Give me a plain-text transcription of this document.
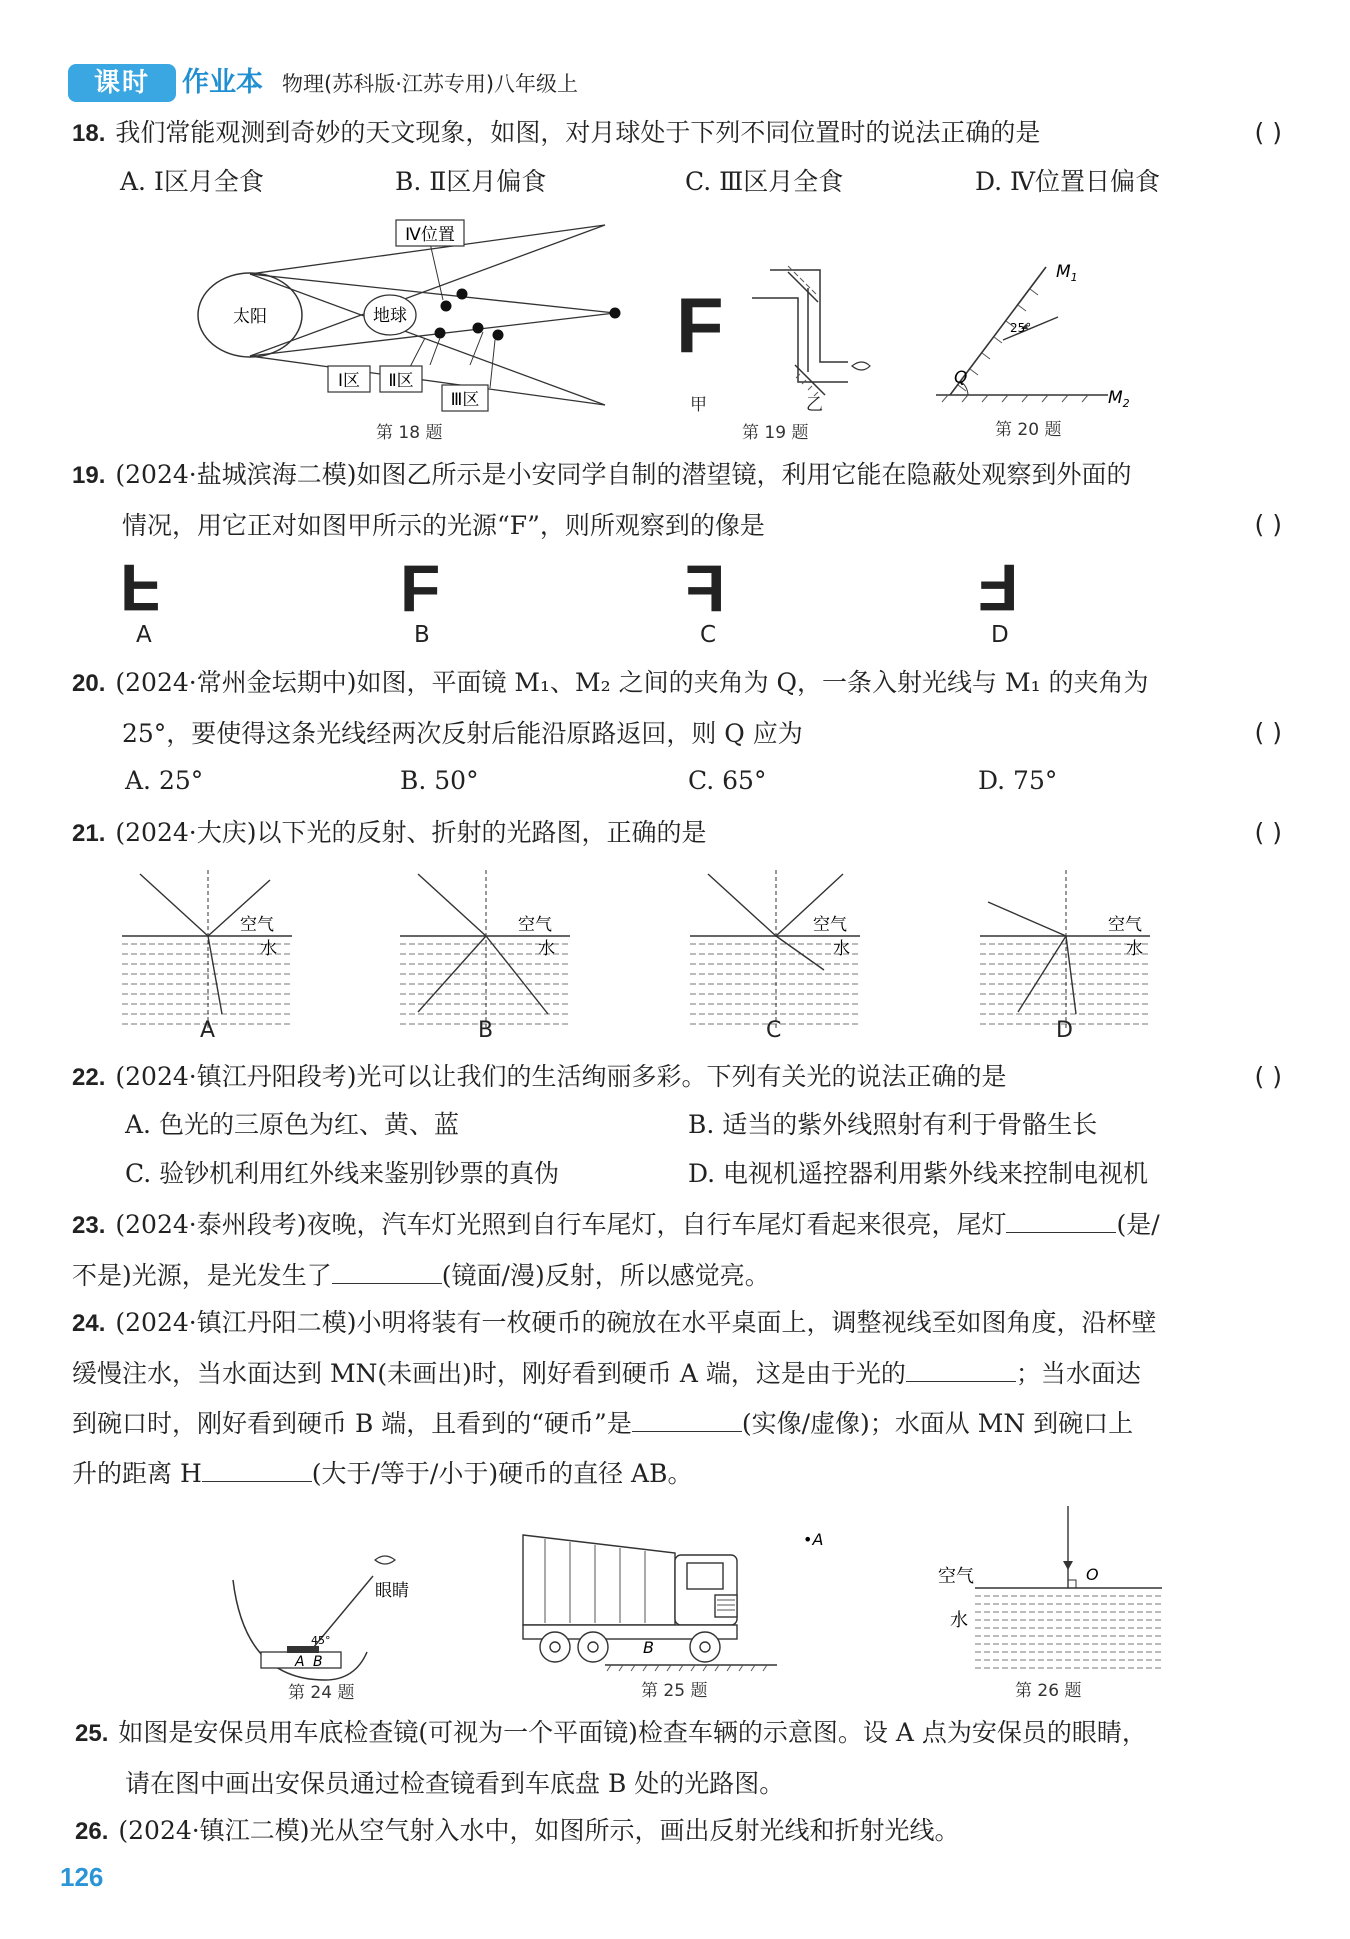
课时	作业本 物理(苏科版·江苏专用)八年级上
18. 我们常能观测到奇妙的天文现象，如图，对月球处于下列不同位置时的说法正确的是	( )
A. Ⅰ区月全食	B. Ⅱ区月偏食	C. Ⅲ区月全食	D. Ⅳ位置日偏食
太阳	地球
Ⅳ位置
Ⅰ区 Ⅱ区
Ⅲ区
第 18 题
F
甲	乙
第 19 题
$M_1$
$M_2$
25°
Q
第 20 题
19. (2024·盐城滨海二模)如图乙所示是小安同学自制的潜望镜，利用它能在隐蔽处观察到外面的
情况，用它正对如图甲所示的光源“F”，则所观察到的像是	( )
F	F	F	F
A	B	C	D
20. (2024·常州金坛期中)如图，平面镜 M₁、M₂ 之间的夹角为 Q，一条入射光线与 M₁ 的夹角为
25°，要使得这条光线经两次反射后能沿原路返回，则 Q 应为	( )
A. 25°	B. 50°	C. 65°	D. 75°
21. (2024·大庆)以下光的反射、折射的光路图，正确的是	( )
空气
水
A
空气
水
B
空气
水
C
空气
水
D
22. (2024·镇江丹阳段考)光可以让我们的生活绚丽多彩。下列有关光的说法正确的是	( )
A. 色光的三原色为红、黄、蓝	B. 适当的紫外线照射有利于骨骼生长
C. 验钞机利用红外线来鉴别钞票的真伪	D. 电视机遥控器利用紫外线来控制电视机
23. (2024·泰州段考)夜晚，汽车灯光照到自行车尾灯，自行车尾灯看起来很亮，尾灯	(是/
不是)光源，是光发生了	(镜面/漫)反射，所以感觉亮。
24. (2024·镇江丹阳二模)小明将装有一枚硬币的碗放在水平桌面上，调整视线至如图角度，沿杯壁
缓慢注水，当水面达到 MN(未画出)时，刚好看到硬币 A 端，这是由于光的	；当水面达
到碗口时，刚好看到硬币 B 端，且看到的“硬币”是	(实像/虚像)；水面从 MN 到碗口上
升的距离 H	(大于/等于/小于)硬币的直径 AB。
眼睛
45°
A B
第 24 题
B
•A
第 25 题
空气
水
O
第 26 题
25. 如图是安保员用车底检查镜(可视为一个平面镜)检查车辆的示意图。设 A 点为安保员的眼睛，
请在图中画出安保员通过检查镜看到车底盘 B 处的光路图。
26. (2024·镇江二模)光从空气射入水中，如图所示，画出反射光线和折射光线。
126
